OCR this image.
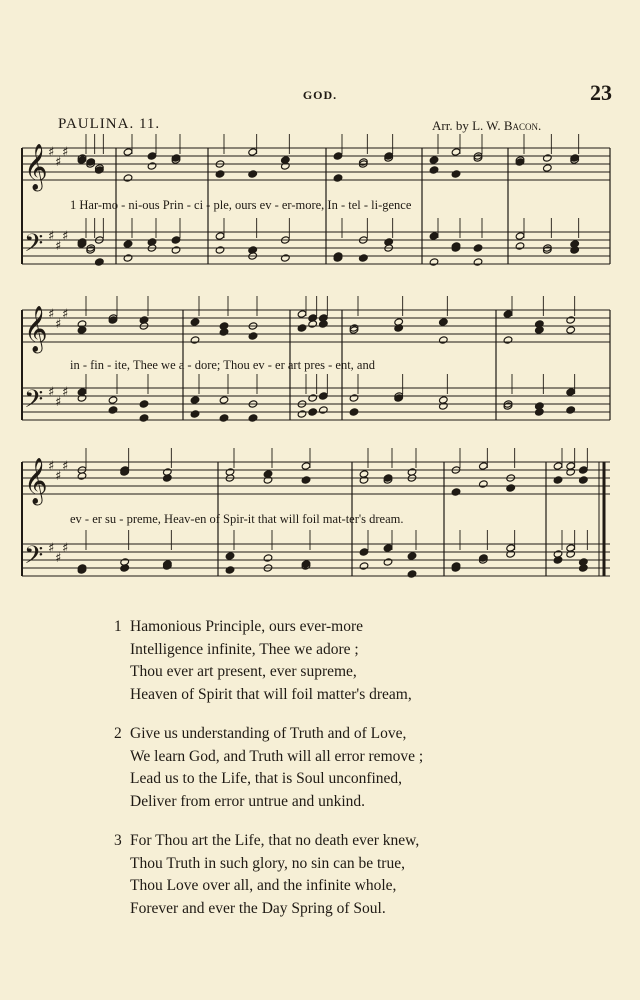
GOD.	23
PAULINA. 11.	Arr. by L. W. Bacon.
𝄞 ♯
♯
♯
𝄢 ♯
♯
♯
𝄞 ♯
♯
♯
𝄢 ♯
♯
♯
𝄞 ♯
♯
♯
𝄢 ♯
♯
♯
1 Har-mo - ni-ous Prin - ci - ple, ours ev - er-more, In - tel - li-gence
in - fin - ite, Thee we a - dore; Thou ev - er art pres - ent, and
ev - er su - preme, Heav-en of Spir-it that will foil mat-ter's dream.
1 Hamonious Principle, ours ever-more
Intelligence infinite, Thee we adore ;
Thou ever art present, ever supreme,
Heaven of Spirit that will foil matter's dream,
2 Give us understanding of Truth and of Love,
We learn God, and Truth will all error remove ;
Lead us to the Life, that is Soul unconfined,
Deliver from error untrue and unkind.
3 For Thou art the Life, that no death ever knew,
Thou Truth in such glory, no sin can be true,
Thou Love over all, and the infinite whole,
Forever and ever the Day Spring of Soul.
